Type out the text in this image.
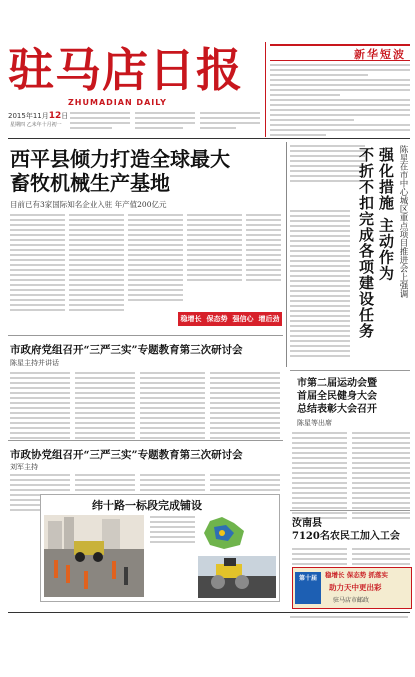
驻马店日报
ZHUMADIAN DAILY
2015年11月12日
星期四 乙未年十月初一
新华短波
西平县倾力打造全球最大
畜牧机械生产基地
目前已有3家国际知名企业入驻 年产值200亿元
稳增长 保态势 强信心 增后劲
陈星在市中心城区重点项目推进会上强调
强化措施 主动作为
不折不扣完成各项建设任务
市政府党组召开“三严三实”专题教育第三次研讨会
陈星主持并讲话
市政协党组召开“三严三实”专题教育第三次研讨会
刘军主持
市第二届运动会暨
首届全民健身大会
总结表彰大会召开
陈星等出席
纬十路一标段完成铺设
汝南县
7120名农民工加入工会
第十届	稳增长 保态势 抓落实
助力天中更出彩
驻马店市邮政
